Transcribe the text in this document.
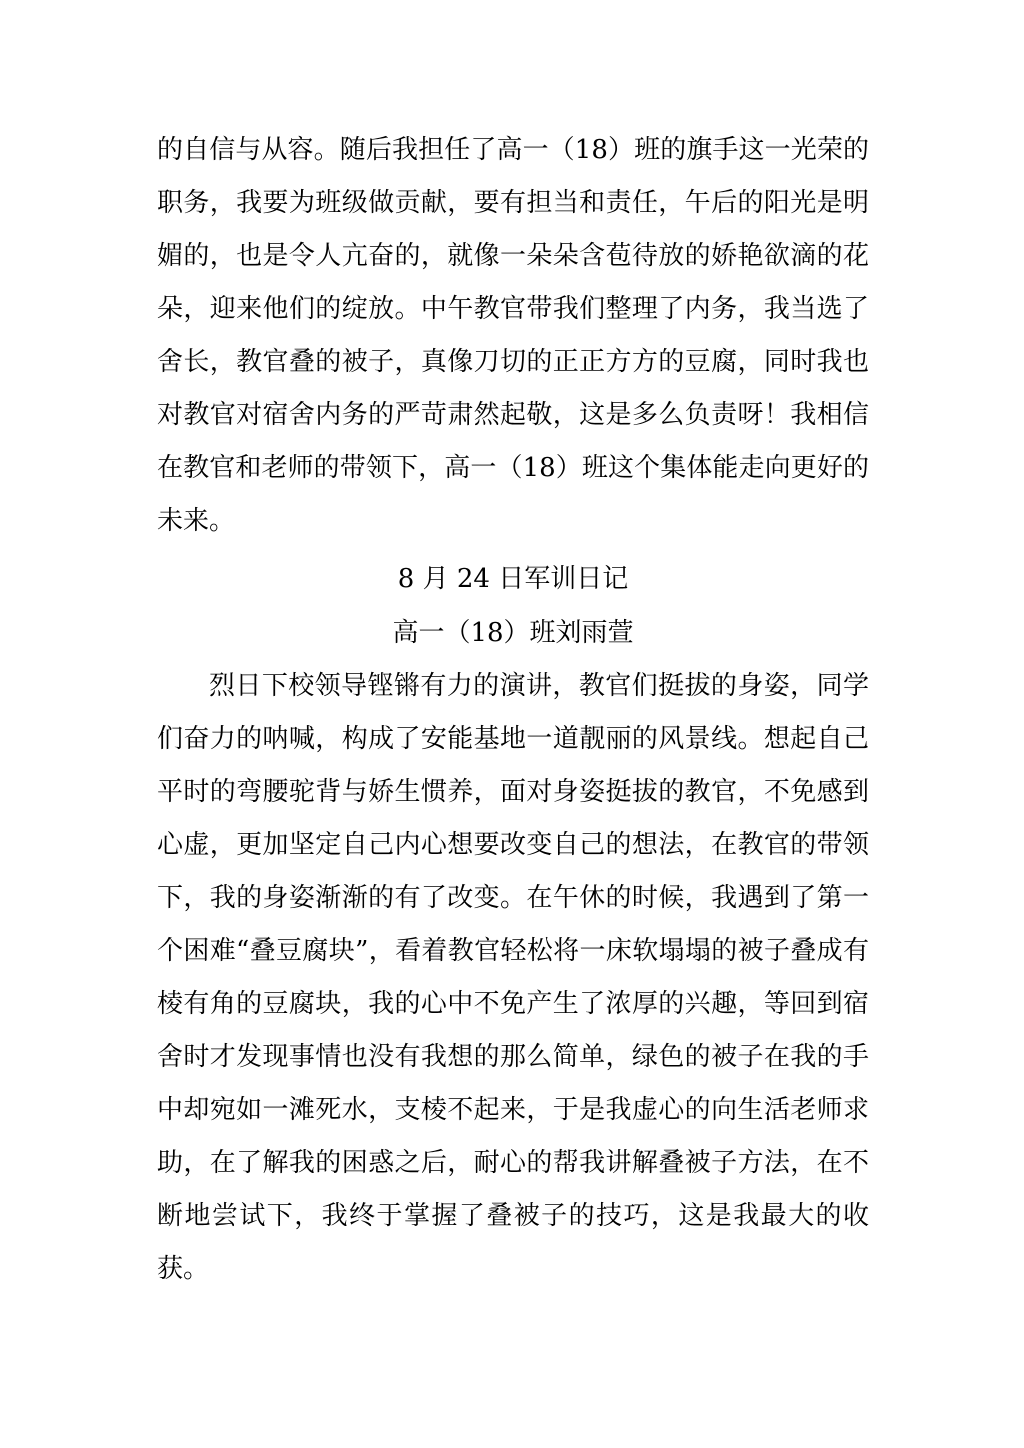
的自信与从容。随后我担任了高一（18）班的旗手这一光荣的职务，我要为班级做贡献，要有担当和责任，午后的阳光是明媚的，也是令人亢奋的，就像一朵朵含苞待放的娇艳欲滴的花朵，迎来他们的绽放。中午教官带我们整理了内务，我当选了舍长，教官叠的被子，真像刀切的正正方方的豆腐，同时我也对教官对宿舍内务的严苛肃然起敬，这是多么负责呀！我相信在教官和老师的带领下，高一（18）班这个集体能走向更好的未来。

8 月 24 日军训日记
高一（18）班刘雨萱

烈日下校领导铿锵有力的演讲，教官们挺拔的身姿，同学们奋力的呐喊，构成了安能基地一道靓丽的风景线。想起自己平时的弯腰驼背与娇生惯养，面对身姿挺拔的教官，不免感到心虚，更加坚定自己内心想要改变自己的想法，在教官的带领下，我的身姿渐渐的有了改变。在午休的时候，我遇到了第一个困难“叠豆腐块”，看着教官轻松将一床软塌塌的被子叠成有棱有角的豆腐块，我的心中不免产生了浓厚的兴趣，等回到宿舍时才发现事情也没有我想的那么简单，绿色的被子在我的手中却宛如一滩死水，支棱不起来，于是我虚心的向生活老师求助，在了解我的困惑之后，耐心的帮我讲解叠被子方法，在不断地尝试下，我终于掌握了叠被子的技巧，这是我最大的收获。
